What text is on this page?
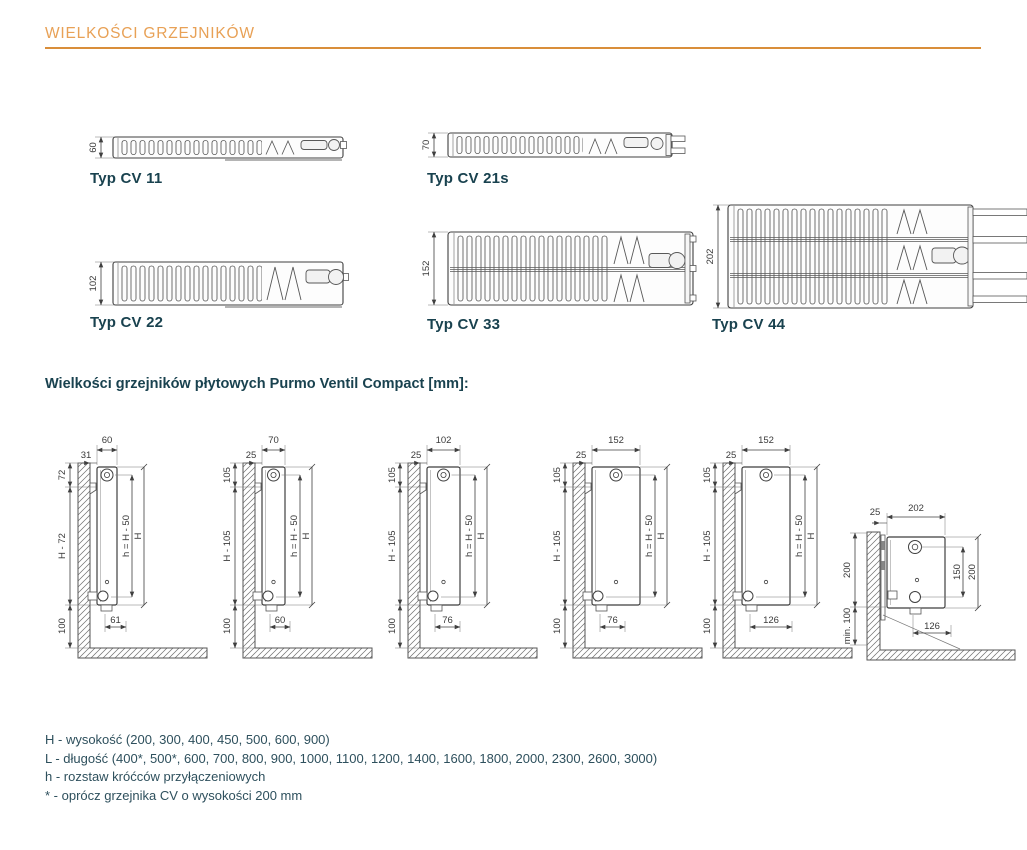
WIELKOŚCI GRZEJNIKÓW
60
Typ CV 11
70
Typ CV 21s
102
Typ CV 22
152
Typ CV 33
202
Typ CV 44
Wielkości grzejników płytowych Purmo Ventil Compact [mm]:
60
31
72
H - 72
100
h = H - 50 H
61
70
25
105
H - 105
100
h = H - 50 H
60
102
25
105
H - 105
100
h = H - 50 H
76
152
25
105
H - 105
100
h = H - 50 H
76
152
25
105
H - 105
100
h = H - 50 H
126
202
25
150 200
200
min. 100	126
H - wysokość (200, 300, 400, 450, 500, 600, 900)
L - długość (400*, 500*, 600, 700, 800, 900, 1000, 1100, 1200, 1400, 1600, 1800, 2000, 2300, 2600, 3000)
h - rozstaw króćców przyłączeniowych
* - oprócz grzejnika CV o wysokości 200 mm
